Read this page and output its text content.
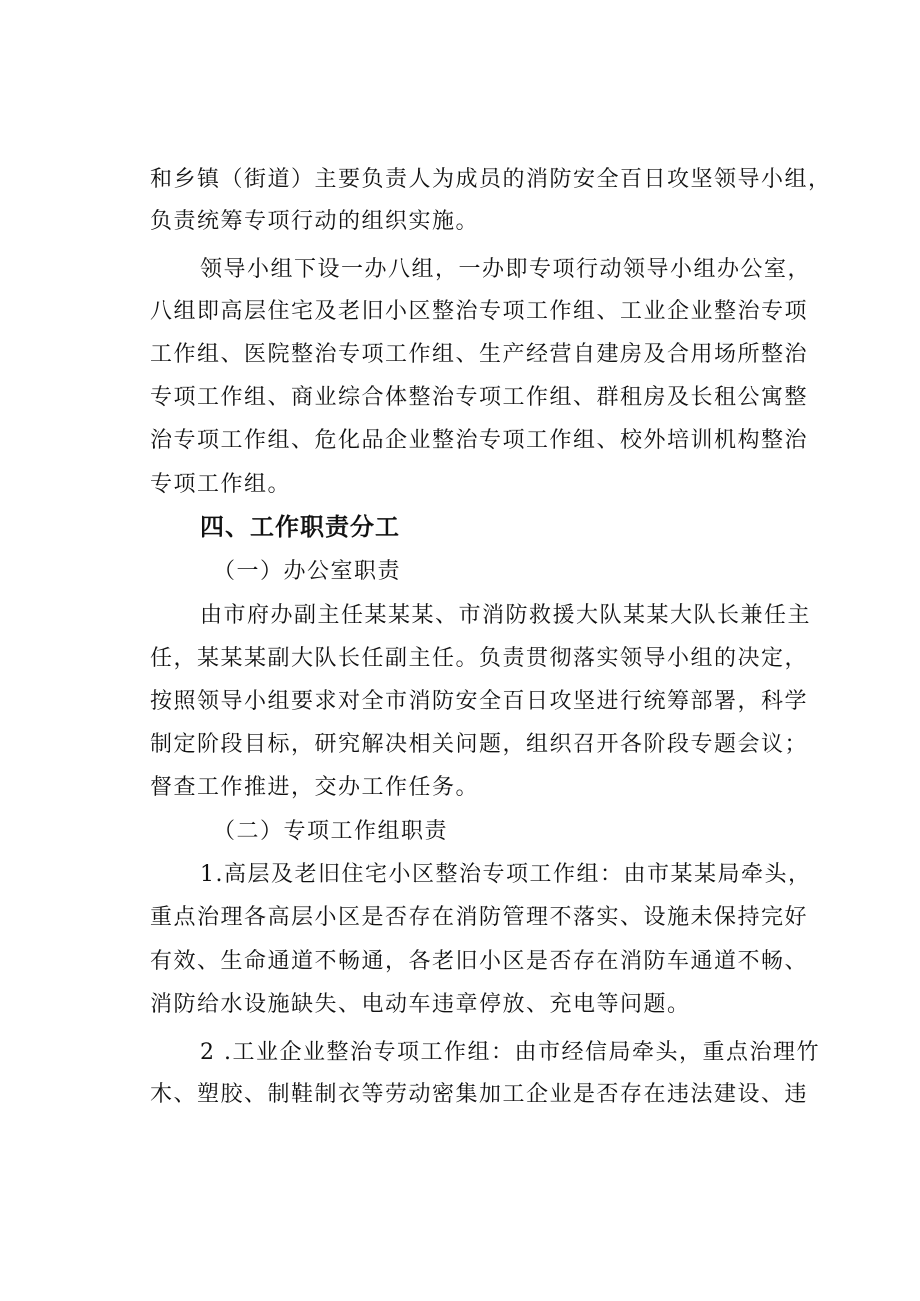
和乡镇（街道）主要负责人为成员的消防安全百日攻坚领导小组，
负责统筹专项行动的组织实施。
领导小组下设一办八组，一办即专项行动领导小组办公室，
八组即高层住宅及老旧小区整治专项工作组、工业企业整治专项
工作组、医院整治专项工作组、生产经营自建房及合用场所整治
专项工作组、商业综合体整治专项工作组、群租房及长租公寓整
治专项工作组、危化品企业整治专项工作组、校外培训机构整治
专项工作组。
四、工作职责分工
（一）办公室职责
由市府办副主任某某某、市消防救援大队某某大队长兼任主
任，某某某副大队长任副主任。负责贯彻落实领导小组的决定，
按照领导小组要求对全市消防安全百日攻坚进行统筹部署，科学
制定阶段目标，研究解决相关问题，组织召开各阶段专题会议；
督查工作推进，交办工作任务。
（二）专项工作组职责
1.高层及老旧住宅小区整治专项工作组：由市某某局牵头，
重点治理各高层小区是否存在消防管理不落实、设施未保持完好
有效、生命通道不畅通，各老旧小区是否存在消防车通道不畅、
消防给水设施缺失、电动车违章停放、充电等问题。
2 .工业企业整治专项工作组：由市经信局牵头，重点治理竹
木、塑胶、制鞋制衣等劳动密集加工企业是否存在违法建设、违
